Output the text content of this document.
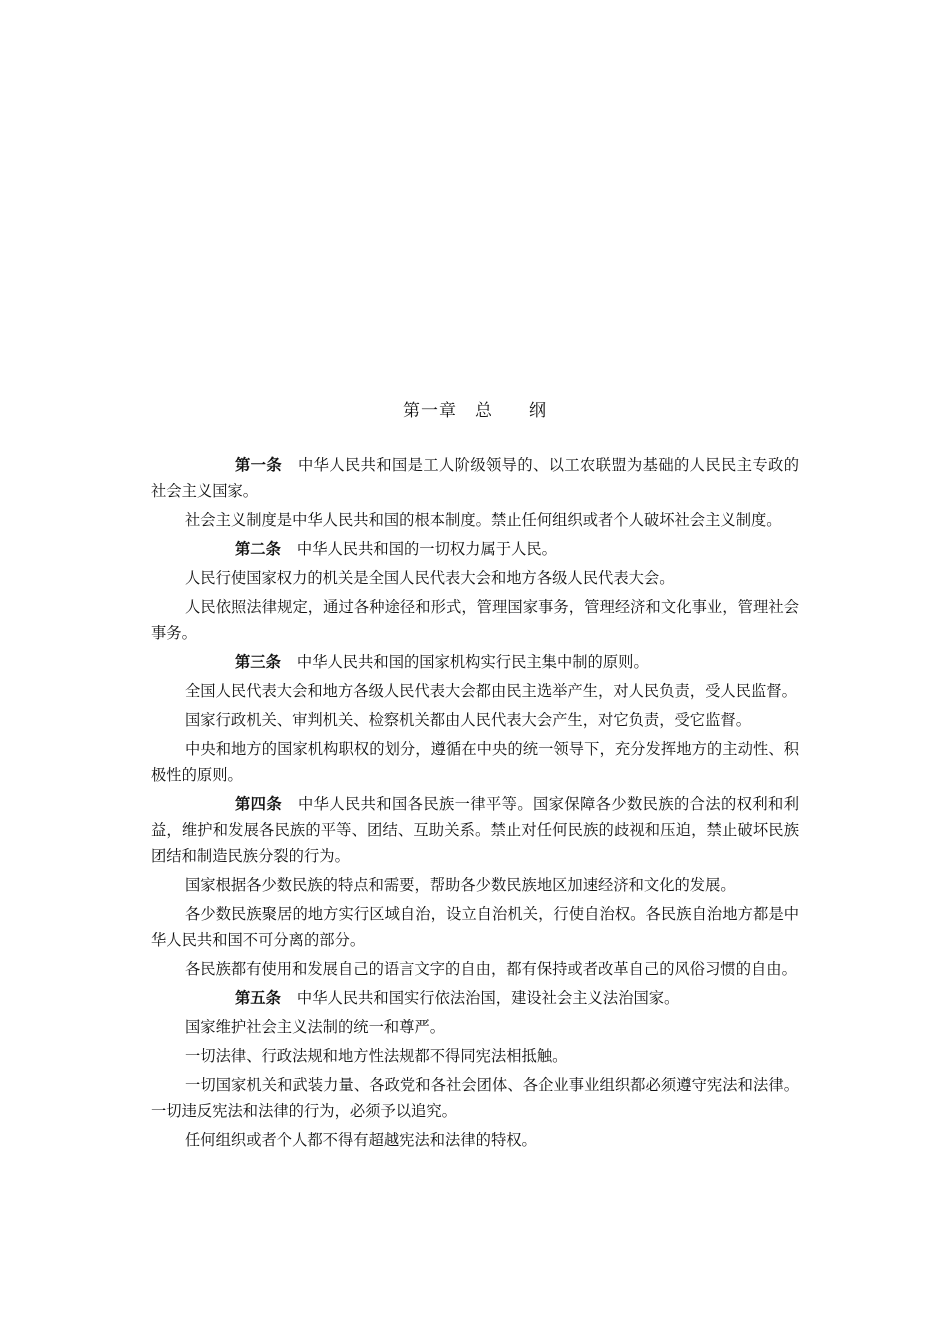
第一章 总 纲

第一条 中华人民共和国是工人阶级领导的、以工农联盟为基础的人民民主专政的社会主义国家。

社会主义制度是中华人民共和国的根本制度。禁止任何组织或者个人破坏社会主义制度。

第二条 中华人民共和国的一切权力属于人民。

人民行使国家权力的机关是全国人民代表大会和地方各级人民代表大会。

人民依照法律规定，通过各种途径和形式，管理国家事务，管理经济和文化事业，管理社会事务。

第三条 中华人民共和国的国家机构实行民主集中制的原则。

全国人民代表大会和地方各级人民代表大会都由民主选举产生，对人民负责，受人民监督。

国家行政机关、审判机关、检察机关都由人民代表大会产生，对它负责，受它监督。

中央和地方的国家机构职权的划分，遵循在中央的统一领导下，充分发挥地方的主动性、积极性的原则。

第四条 中华人民共和国各民族一律平等。国家保障各少数民族的合法的权利和利益，维护和发展各民族的平等、团结、互助关系。禁止对任何民族的歧视和压迫，禁止破坏民族团结和制造民族分裂的行为。

国家根据各少数民族的特点和需要，帮助各少数民族地区加速经济和文化的发展。

各少数民族聚居的地方实行区域自治，设立自治机关，行使自治权。各民族自治地方都是中华人民共和国不可分离的部分。

各民族都有使用和发展自己的语言文字的自由，都有保持或者改革自己的风俗习惯的自由。

第五条 中华人民共和国实行依法治国，建设社会主义法治国家。

国家维护社会主义法制的统一和尊严。

一切法律、行政法规和地方性法规都不得同宪法相抵触。

一切国家机关和武装力量、各政党和各社会团体、各企业事业组织都必须遵守宪法和法律。一切违反宪法和法律的行为，必须予以追究。

任何组织或者个人都不得有超越宪法和法律的特权。
